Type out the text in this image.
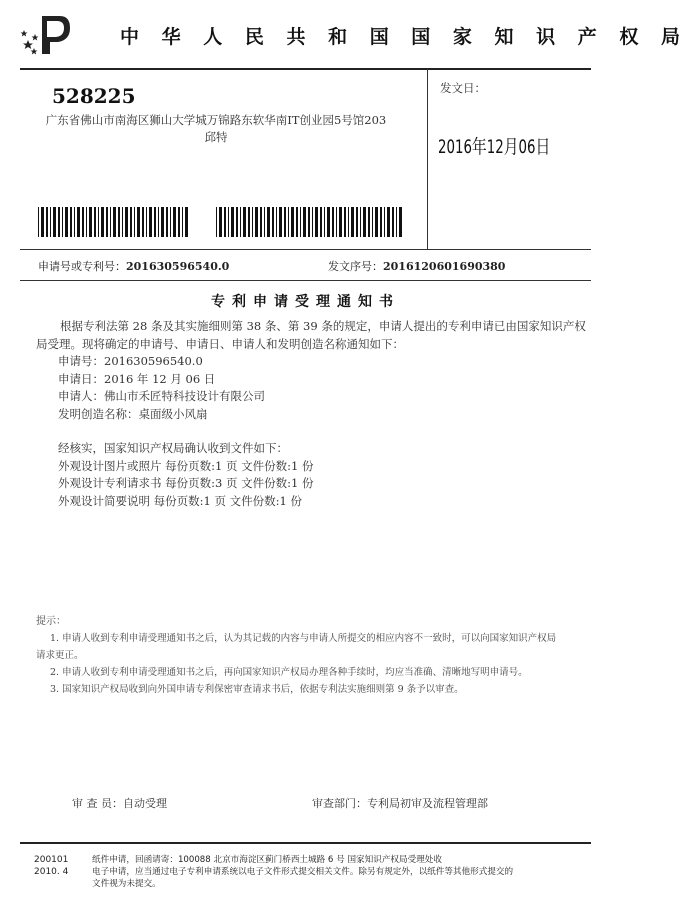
中 华 人 民 共 和 国 国 家 知 识 产 权 局
528225
广东省佛山市南海区狮山大学城万锦路东软华南IT创业园5号馆203
邱特
发文日：
2016年12月06日
申请号或专利号：201630596540.0	发文序号：2016120601690380
专利申请受理通知书
根据专利法第 28 条及其实施细则第 38 条、第 39 条的规定，申请人提出的专利申请已由国家知识产权局受理。现将确定的申请号、申请日、申请人和发明创造名称通知如下：
申请号：201630596540.0
申请日：2016 年 12 月 06 日
申请人：佛山市禾匠特科技设计有限公司
发明创造名称：桌面级小风扇
经核实，国家知识产权局确认收到文件如下：
外观设计图片或照片 每份页数:1 页 文件份数:1 份
外观设计专利请求书 每份页数:3 页 文件份数:1 份
外观设计简要说明 每份页数:1 页 文件份数:1 份
提示：

1. 申请人收到专利申请受理通知书之后，认为其记载的内容与申请人所提交的相应内容不一致时，可以向国家知识产权局

请求更正。

2. 申请人收到专利申请受理通知书之后，再向国家知识产权局办理各种手续时，均应当准确、清晰地写明申请号。

3. 国家知识产权局收到向外国申请专利保密审查请求书后，依据专利法实施细则第 9 条予以审查。

审 查 员：自动受理	审查部门：专利局初审及流程管理部
200101
2010. 4
纸件申请，回函请寄：100088 北京市海淀区蓟门桥西土城路 6 号 国家知识产权局受理处收
电子申请，应当通过电子专利申请系统以电子文件形式提交相关文件。除另有规定外，以纸件等其他形式提交的
文件视为未提交。
